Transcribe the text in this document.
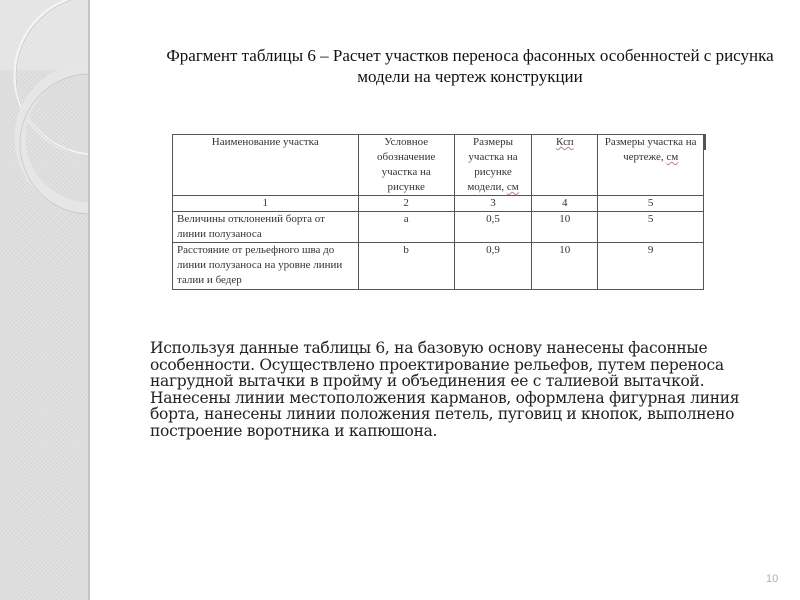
Фрагмент таблицы 6 – Расчет участков переноса фасонных особенностей с рисунка модели на чертеж конструкции
Наименование участка	Условное обозначение участка на рисунке	Размеры участка на рисунке модели, см	Кcп	Размеры участка на чертеже, см
1	2	3	4	5
Величины отклонений борта от линии полузаноса	a	0,5	10	5
Расстояние от рельефного шва до линии полузаноса на уровне линии талии и бедер	b	0,9	10	9
Используя данные таблицы 6, на базовую основу нанесены фасонные особенности. Осуществлено проектирование рельефов, путем переноса нагрудной вытачки в пройму и объединения ее с талиевой вытачкой. Нанесены линии местоположения карманов, оформлена фигурная линия борта, нанесены линии положения петель, пуговиц и кнопок, выполнено построение воротника и капюшона.
10
